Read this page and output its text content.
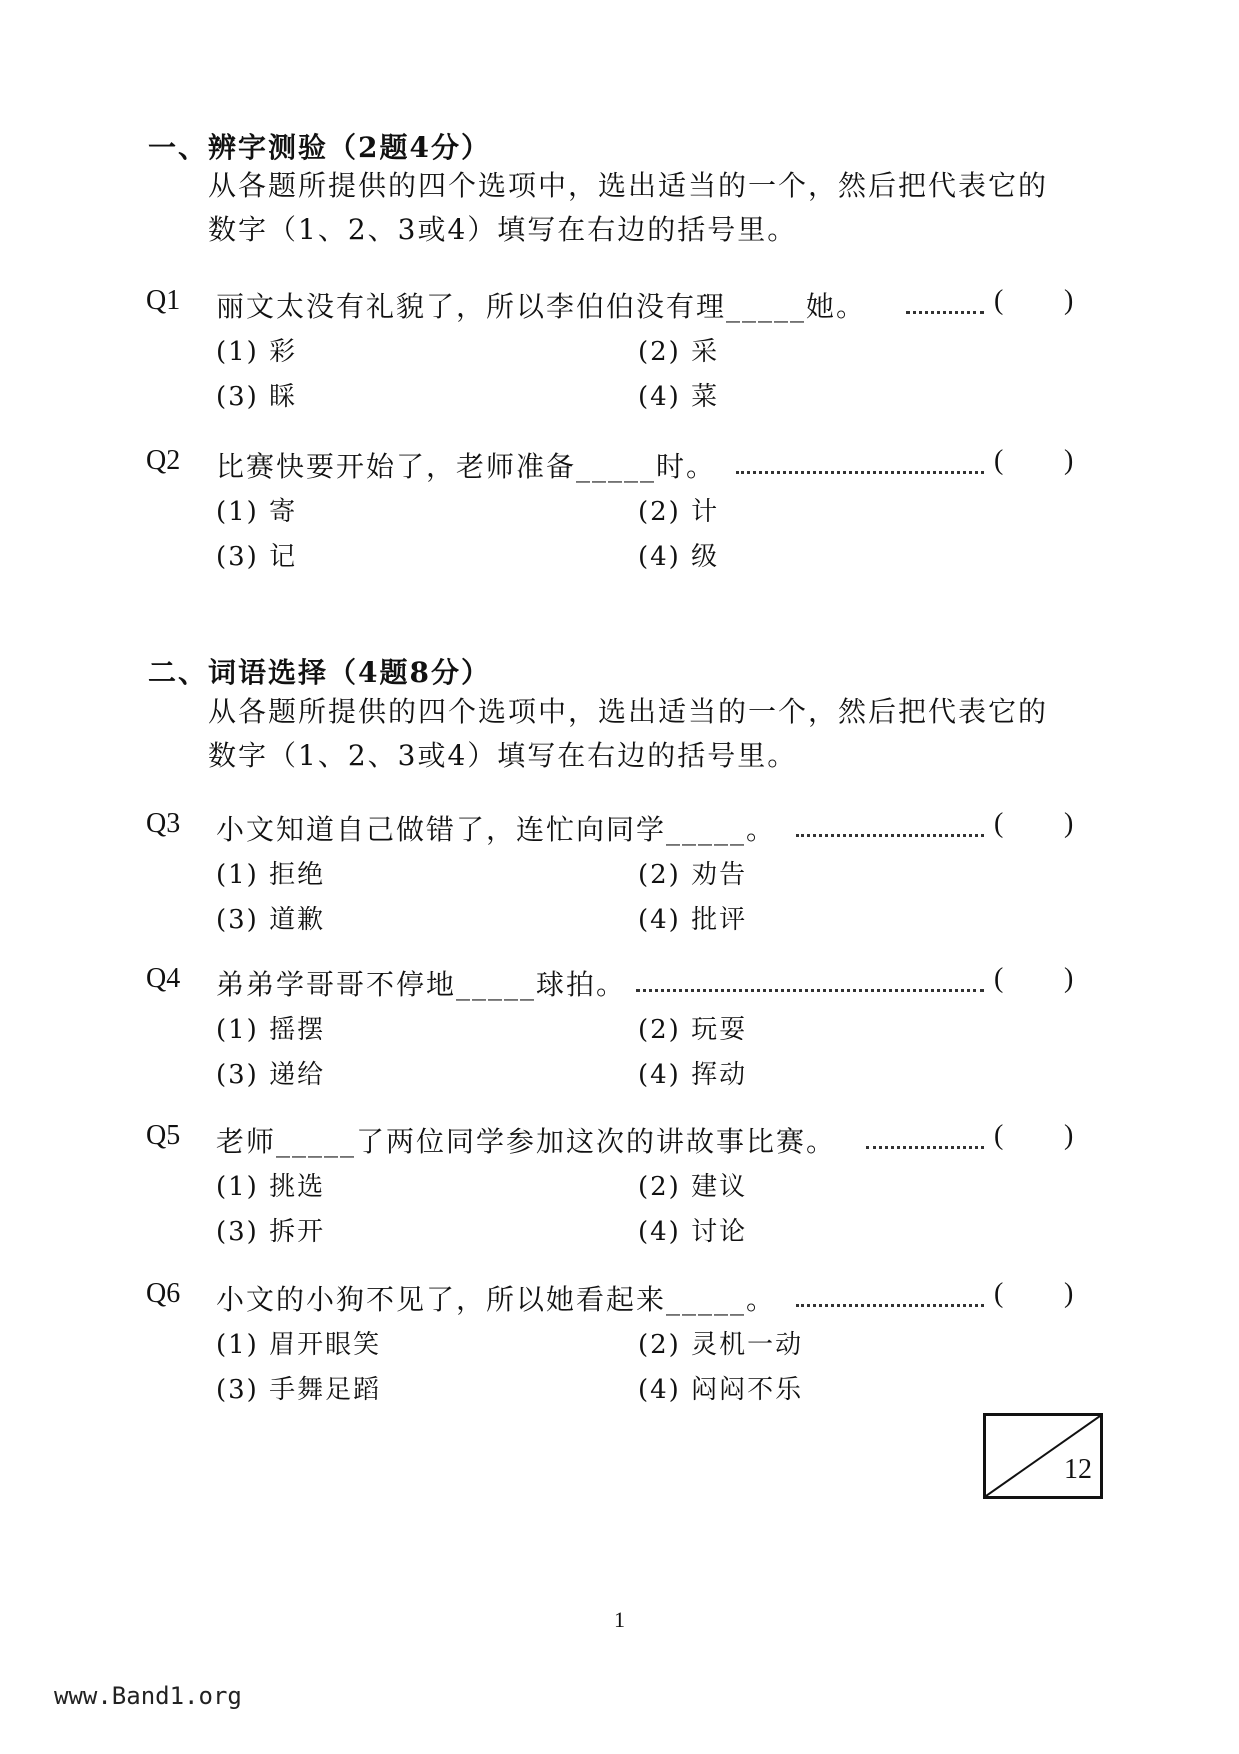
一、辨字测验（2题4分）

从各题所提供的四个选项中，选出适当的一个，然后把代表它的

数字（1、2、3或4）填写在右边的括号里。

Q1 丽文太没有礼貌了，所以李伯伯没有理_____她。	( )
(1) 彩	(2) 采
(3) 睬	(4) 菜
Q2 比赛快要开始了，老师准备_____时。	( )
(1) 寄	(2) 计
(3) 记	(4) 级
二、词语选择（4题8分）

从各题所提供的四个选项中，选出适当的一个，然后把代表它的

数字（1、2、3或4）填写在右边的括号里。

Q3 小文知道自己做错了，连忙向同学_____。	( )
(1) 拒绝	(2) 劝告
(3) 道歉	(4) 批评
Q4 弟弟学哥哥不停地_____球拍。	( )
(1) 摇摆	(2) 玩耍
(3) 递给	(4) 挥动
Q5 老师_____了两位同学参加这次的讲故事比赛。	( )
(1) 挑选	(2) 建议
(3) 拆开	(4) 讨论
Q6 小文的小狗不见了，所以她看起来_____。	( )
(1) 眉开眼笑	(2) 灵机一动
(3) 手舞足蹈	(4) 闷闷不乐
12
1
www.Band1.org
